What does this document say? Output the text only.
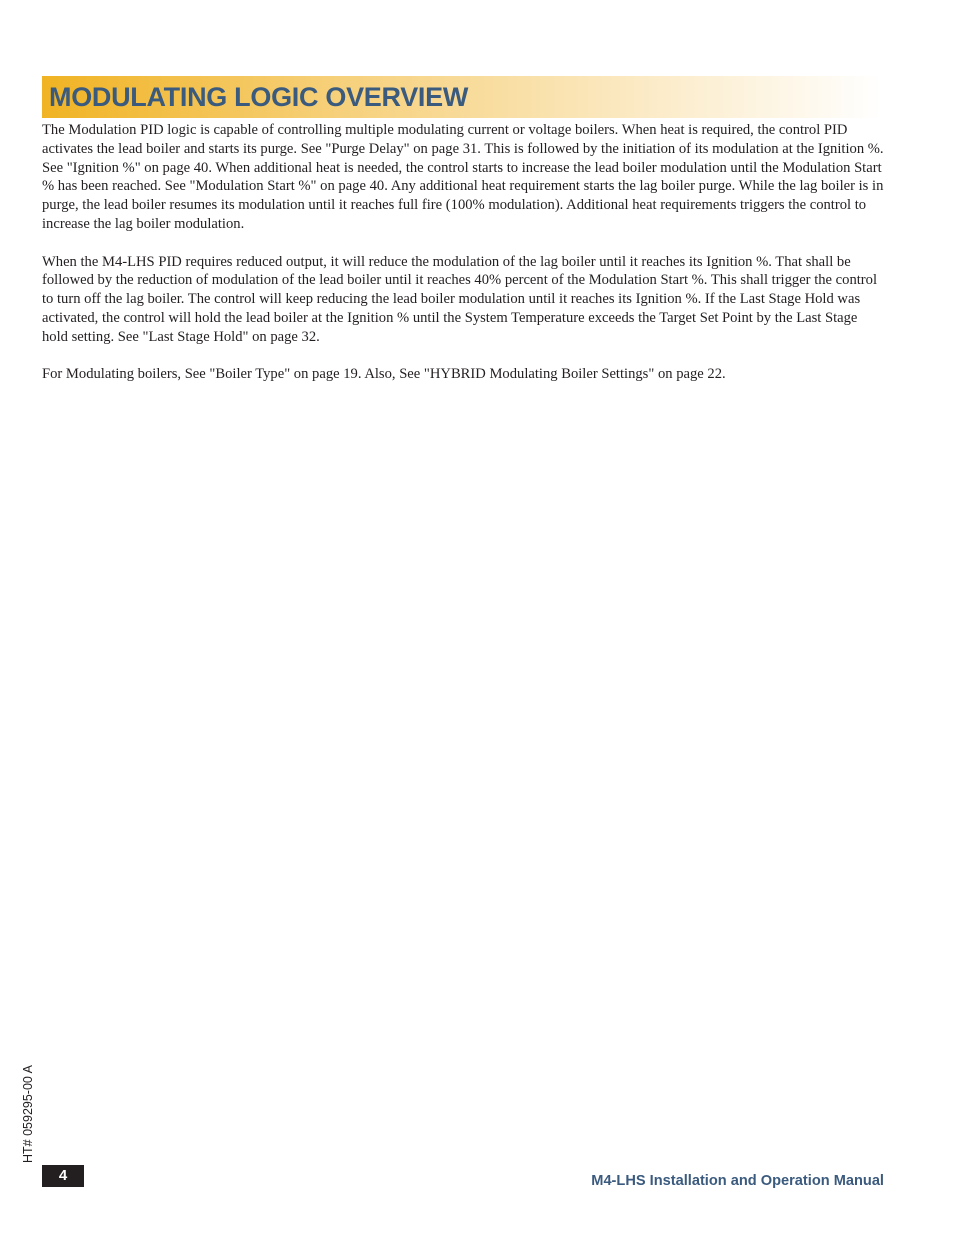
MODULATING LOGIC OVERVIEW

The Modulation PID logic is capable of controlling multiple modulating current or voltage boilers. When heat is required, the control PID activates the lead boiler and starts its purge. See "Purge Delay" on page 31. This is followed by the initiation of its modulation at the Ignition %. See "Ignition %" on page 40. When additional heat is needed, the control starts to increase the lead boiler modulation until the Modulation Start % has been reached. See "Modulation Start %" on page 40. Any additional heat requirement starts the lag boiler purge. While the lag boiler is in purge, the lead boiler resumes its modulation until it reaches full fire (100% modulation). Additional heat requirements triggers the control to increase the lag boiler modulation.

When the M4-LHS PID requires reduced output, it will reduce the modulation of the lag boiler until it reaches its Ignition %. That shall be followed by the reduction of modulation of the lead boiler until it reaches 40% percent of the Modulation Start %. This shall trigger the control to turn off the lag boiler. The control will keep reducing the lead boiler modulation until it reaches its Ignition %. If the Last Stage Hold was activated, the control will hold the lead boiler at the Ignition % until the System Temperature exceeds the Target Set Point by the Last Stage hold setting. See "Last Stage Hold" on page 32.

For Modulating boilers, See "Boiler Type" on page 19. Also, See "HYBRID Modulating Boiler Settings" on page 22.

HT# 059295-00 A
4	M4-LHS Installation and Operation Manual
